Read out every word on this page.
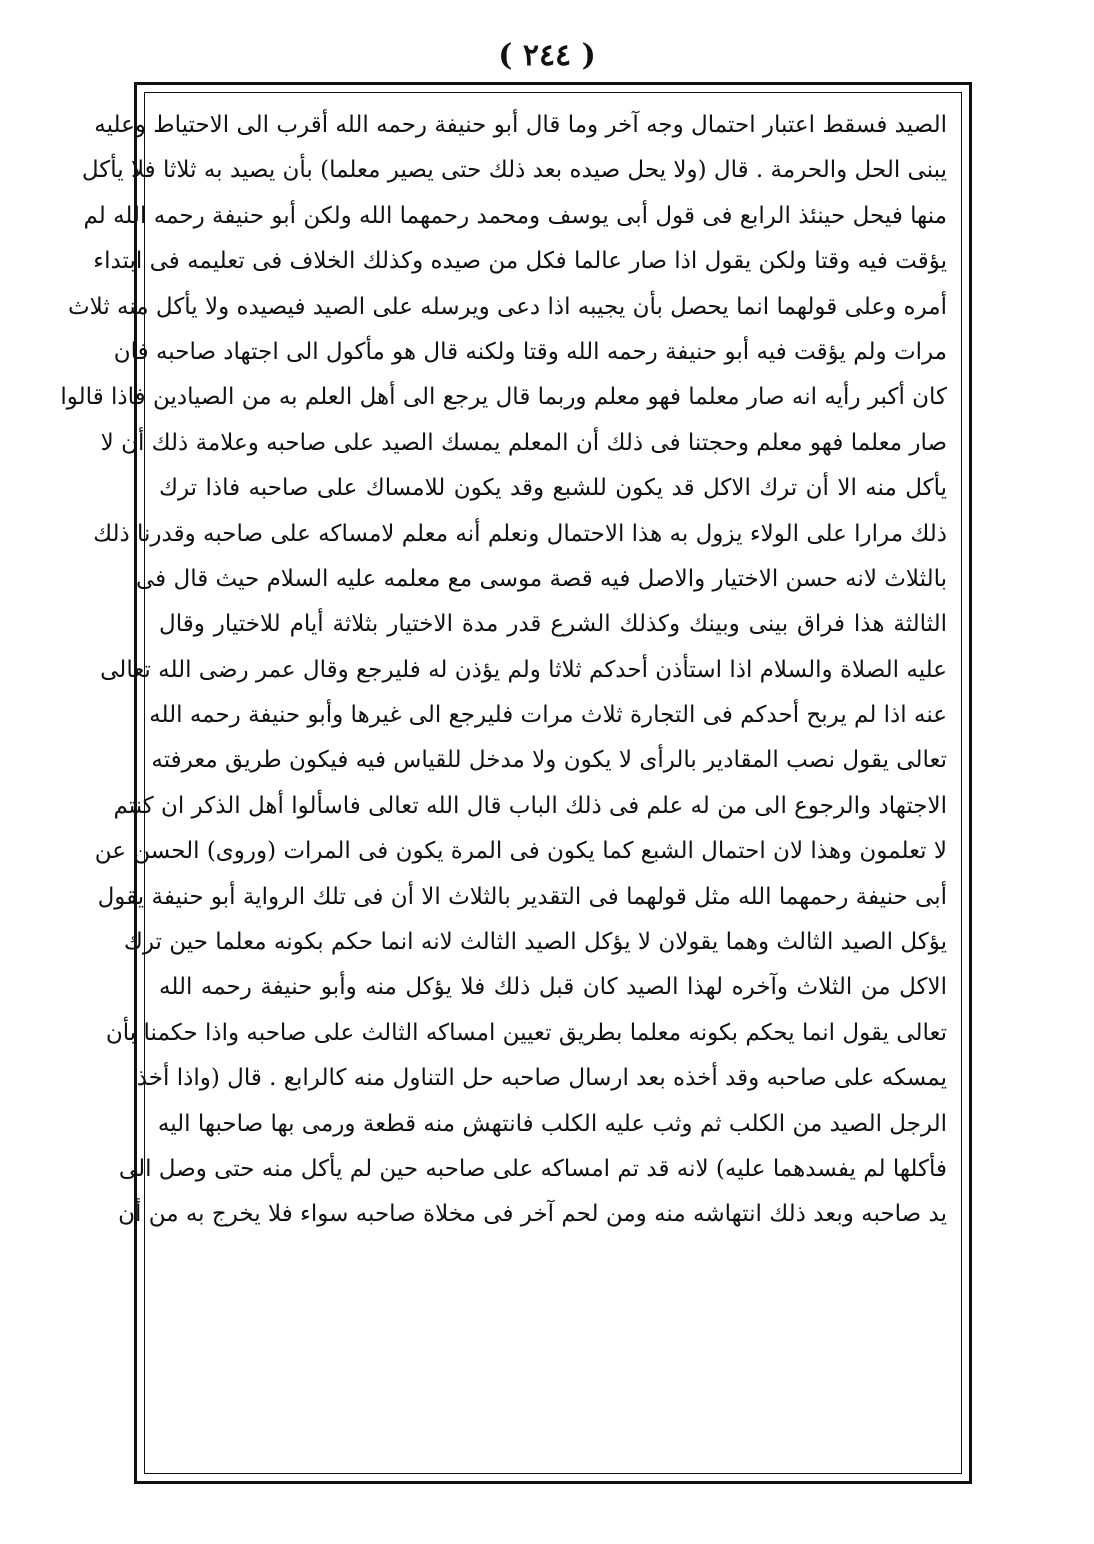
( ٢٤٤ )
الصيد فسقط اعتبار احتمال وجه آخر وما قال أبو حنيفة رحمه الله أقرب الى الاحتياط وعليه
يبنى الحل والحرمة . قال (ولا يحل صيده بعد ذلك حتى يصير معلما) بأن يصيد به ثلاثا فلا يأكل
منها فيحل حينئذ الرابع فى قول أبى يوسف ومحمد رحمهما الله ولكن أبو حنيفة رحمه الله لم
يؤقت فيه وقتا ولكن يقول اذا صار عالما فكل من صيده وكذلك الخلاف فى تعليمه فى ابتداء
أمره وعلى قولهما انما يحصل بأن يجيبه اذا دعى ويرسله على الصيد فيصيده ولا يأكل منه ثلاث
مرات ولم يؤقت فيه أبو حنيفة رحمه الله وقتا ولكنه قال هو مأكول الى اجتهاد صاحبه فان
كان أكبر رأيه انه صار معلما فهو معلم وربما قال يرجع الى أهل العلم به من الصيادين فاذا قالوا
صار معلما فهو معلم وحجتنا فى ذلك أن المعلم يمسك الصيد على صاحبه وعلامة ذلك أن لا
يأكل منه الا أن ترك الاكل قد يكون للشبع وقد يكون للامساك على صاحبه فاذا ترك
ذلك مرارا على الولاء يزول به هذا الاحتمال ونعلم أنه معلم لامساكه على صاحبه وقدرنا ذلك
بالثلاث لانه حسن الاختيار والاصل فيه قصة موسى مع معلمه عليه السلام حيث قال فى
الثالثة هذا فراق بينى وبينك وكذلك الشرع قدر مدة الاختيار بثلاثة أيام للاختيار وقال
عليه الصلاة والسلام اذا استأذن أحدكم ثلاثا ولم يؤذن له فليرجع وقال عمر رضى الله تعالى
عنه اذا لم يربح أحدكم فى التجارة ثلاث مرات فليرجع الى غيرها وأبو حنيفة رحمه الله
تعالى يقول نصب المقادير بالرأى لا يكون ولا مدخل للقياس فيه فيكون طريق معرفته
الاجتهاد والرجوع الى من له علم فى ذلك الباب قال الله تعالى فاسألوا أهل الذكر ان كنتم
لا تعلمون وهذا لان احتمال الشبع كما يكون فى المرة يكون فى المرات (وروى) الحسن عن
أبى حنيفة رحمهما الله مثل قولهما فى التقدير بالثلاث الا أن فى تلك الرواية أبو حنيفة يقول
يؤكل الصيد الثالث وهما يقولان لا يؤكل الصيد الثالث لانه انما حكم بكونه معلما حين ترك
الاكل من الثلاث وآخره لهذا الصيد كان قبل ذلك فلا يؤكل منه وأبو حنيفة رحمه الله
تعالى يقول انما يحكم بكونه معلما بطريق تعيين امساكه الثالث على صاحبه واذا حكمنا بأن
يمسكه على صاحبه وقد أخذه بعد ارسال صاحبه حل التناول منه كالرابع . قال (واذا أخذ
الرجل الصيد من الكلب ثم وثب عليه الكلب فانتهش منه قطعة ورمى بها صاحبها اليه
فأكلها لم يفسدهما عليه) لانه قد تم امساكه على صاحبه حين لم يأكل منه حتى وصل الى
يد صاحبه وبعد ذلك انتهاشه منه ومن لحم آخر فى مخلاة صاحبه سواء فلا يخرج به من أن
